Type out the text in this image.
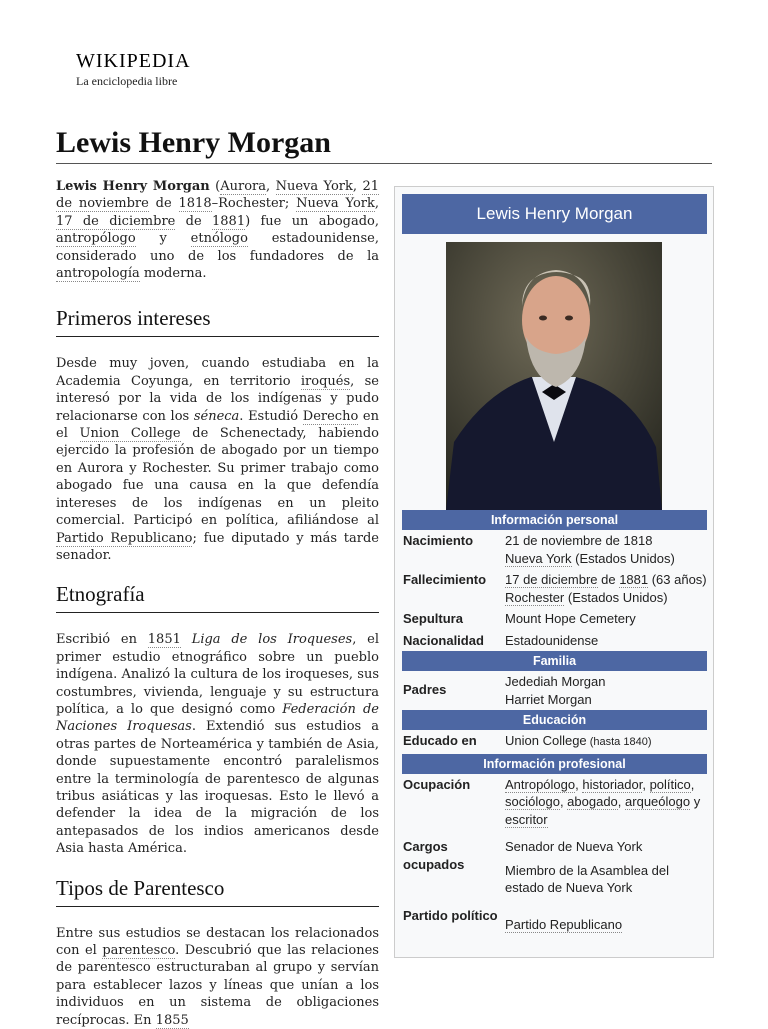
WIKIPEDIA
La enciclopedia libre
Lewis Henry Morgan

Lewis Henry Morgan (Aurora, Nueva York, 21 de noviembre de 1818–Rochester; Nueva York, 17 de diciembre de 1881) fue un abogado, antropólogo y etnólogo estadounidense, considerado uno de los fundadores de la antropología moderna.

Primeros intereses

Desde muy joven, cuando estudiaba en la Academia Coyunga, en territorio iroqués, se interesó por la vida de los indígenas y pudo relacionarse con los séneca. Estudió Derecho en el Union College de Schenectady, habiendo ejercido la profesión de abogado por un tiempo en Aurora y Rochester. Su primer trabajo como abogado fue una causa en la que defendía intereses de los indígenas en un pleito comercial. Participó en política, afiliándose al Partido Republicano; fue diputado y más tarde senador.

Etnografía

Escribió en 1851 Liga de los Iroqueses, el primer estudio etnográfico sobre un pueblo indígena. Analizó la cultura de los iroqueses, sus costumbres, vivienda, lenguaje y su estructura política, a lo que designó como Federación de Naciones Iroquesas. Extendió sus estudios a otras partes de Norteamérica y también de Asia, donde supuestamente encontró paralelismos entre la terminología de parentesco de algunas tribus asiáticas y las iroquesas. Esto le llevó a defender la idea de la migración de los antepasados de los indios americanos desde Asia hasta América.

Tipos de Parentesco

Entre sus estudios se destacan los relacionados con el parentesco. Descubrió que las relaciones de parentesco estructuraban al grupo y servían para establecer lazos y líneas que unían a los individuos en un sistema de obligaciones recíprocas. En 1855

Lewis Henry Morgan
Información personal
Nacimiento	21 de noviembre de 1818
Nueva York (Estados Unidos)
Fallecimiento	17 de diciembre de 1881 (63 años)
Rochester (Estados Unidos)
Sepultura	Mount Hope Cemetery
Nacionalidad	Estadounidense
Familia
Padres	Jedediah Morgan
Harriet Morgan
Educación
Educado en	Union College (hasta 1840)
Información profesional
Ocupación	Antropólogo, historiador, político, sociólogo, abogado, arqueólogo y escritor
Cargos ocupados	Senador de Nueva York
Miembro de la Asamblea del estado de Nueva York

Partido político	Partido Republicano
